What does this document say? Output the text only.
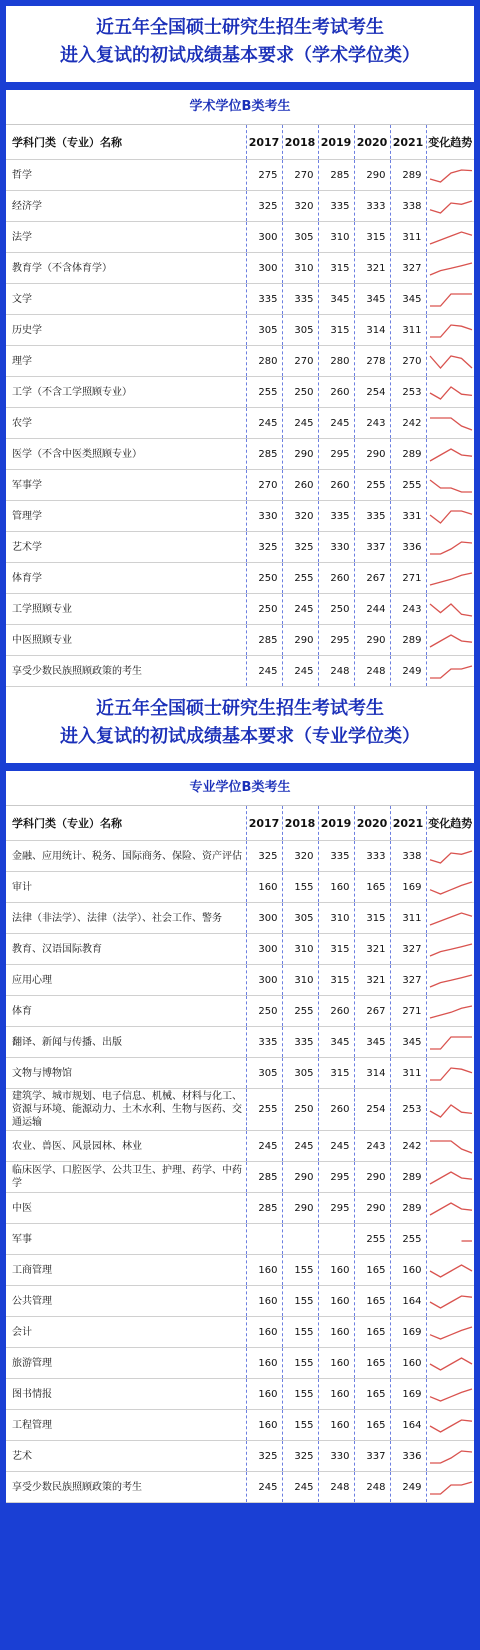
近五年全国硕士研究生招生考试考生
进入复试的初试成绩基本要求（学术学位类）
学术学位B类考生
学科门类（专业）名称	2017	2018	2019	2020	2021	变化趋势
哲学	275	270	285	290	289	

经济学	325	320	335	333	338	

法学	300	305	310	315	311	

教育学（不含体育学）	300	310	315	321	327	

文学	335	335	345	345	345	

历史学	305	305	315	314	311	

理学	280	270	280	278	270	

工学（不含工学照顾专业）	255	250	260	254	253	

农学	245	245	245	243	242	

医学（不含中医类照顾专业）	285	290	295	290	289	

军事学	270	260	260	255	255	

管理学	330	320	335	335	331	

艺术学	325	325	330	337	336	

体育学	250	255	260	267	271	

工学照顾专业	250	245	250	244	243	

中医照顾专业	285	290	295	290	289	

享受少数民族照顾政策的考生	245	245	248	248	249	
近五年全国硕士研究生招生考试考生
进入复试的初试成绩基本要求（专业学位类）
专业学位B类考生
学科门类（专业）名称	2017	2018	2019	2020	2021	变化趋势
金融、应用统计、税务、国际商务、保险、资产评估	325	320	335	333	338	

审计	160	155	160	165	169	

法律（非法学）、法律（法学）、社会工作、警务	300	305	310	315	311	

教育、汉语国际教育	300	310	315	321	327	

应用心理	300	310	315	321	327	

体育	250	255	260	267	271	

翻译、新闻与传播、出版	335	335	345	345	345	

文物与博物馆	305	305	315	314	311	

建筑学、城市规划、电子信息、机械、材料与化工、资源与环境、能源动力、土木水利、生物与医药、交通运输	255	250	260	254	253	

农业、兽医、风景园林、林业	245	245	245	243	242	

临床医学、口腔医学、公共卫生、护理、药学、中药学	285	290	295	290	289	

中医	285	290	295	290	289	

军事				255	255	

工商管理	160	155	160	165	160	

公共管理	160	155	160	165	164	

会计	160	155	160	165	169	

旅游管理	160	155	160	165	160	

图书情报	160	155	160	165	169	

工程管理	160	155	160	165	164	

艺术	325	325	330	337	336	

享受少数民族照顾政策的考生	245	245	248	248	249	
